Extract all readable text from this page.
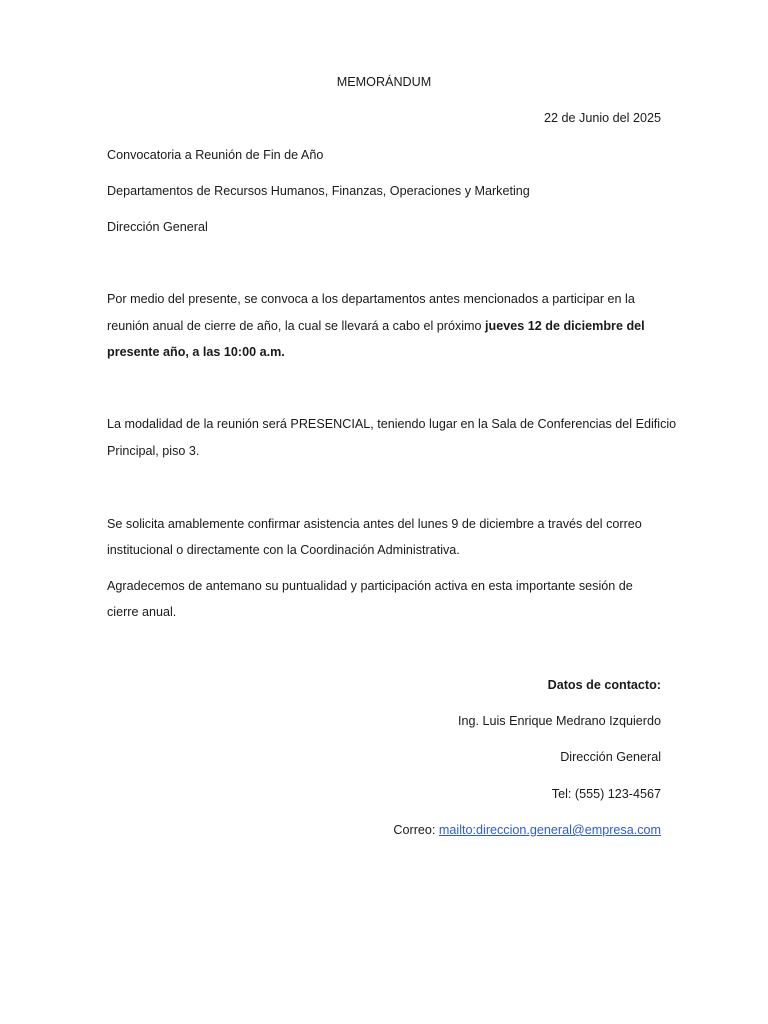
MEMORÁNDUM
22 de Junio del 2025
Convocatoria a Reunión de Fin de Año
Departamentos de Recursos Humanos, Finanzas, Operaciones y Marketing
Dirección General
Por medio del presente, se convoca a los departamentos antes mencionados a participar en la
reunión anual de cierre de año, la cual se llevará a cabo el próximo jueves 12 de diciembre del
presente año, a las 10:00 a.m.
La modalidad de la reunión será PRESENCIAL, teniendo lugar en la Sala de Conferencias del Edificio
Principal, piso 3.
Se solicita amablemente confirmar asistencia antes del lunes 9 de diciembre a través del correo
institucional o directamente con la Coordinación Administrativa.
Agradecemos de antemano su puntualidad y participación activa en esta importante sesión de
cierre anual.
Datos de contacto:
Ing. Luis Enrique Medrano Izquierdo
Dirección General
Tel: (555) 123-4567
Correo: mailto:direccion.general@empresa.com
